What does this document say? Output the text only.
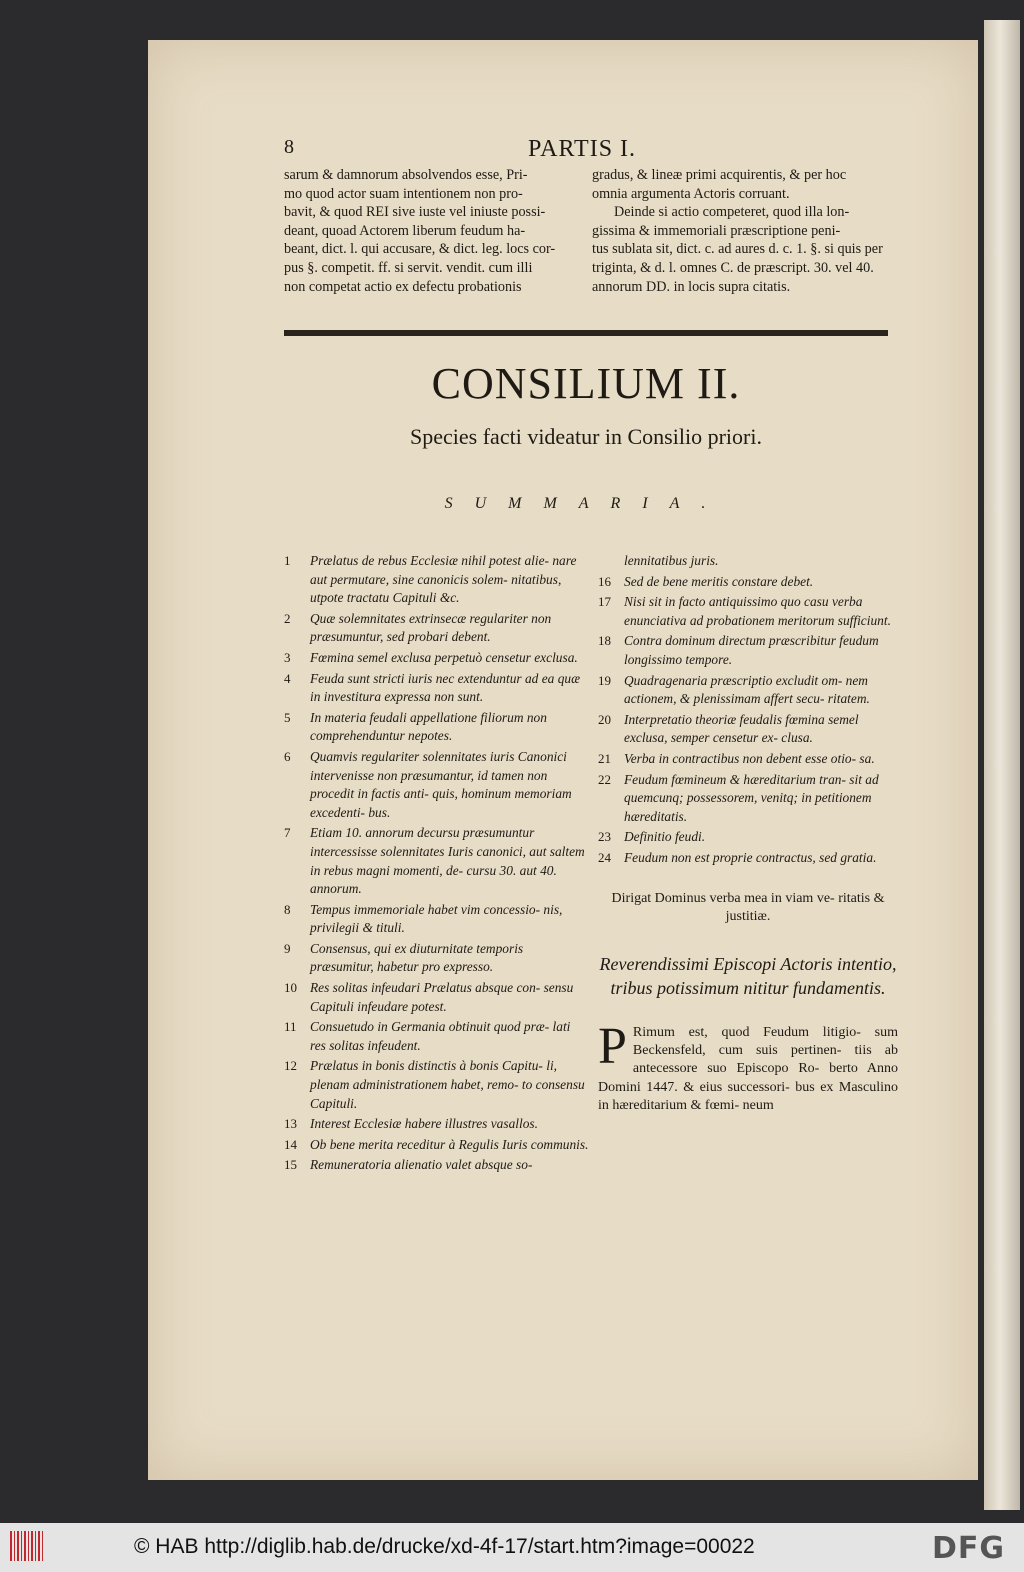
8	PARTIS I.

sarum & damnorum absolvendos esse, Pri-

mo quod actor suam intentionem non pro-

bavit, & quod REI sive iuste vel iniuste possi-

deant, quoad Actorem liberum feudum ha-

beant, dict. l. qui accusare, & dict. leg. locs cor-

pus §. competit. ff. si servit. vendit. cum illi

non competat actio ex defectu probationis

gradus, & lineæ primi acquirentis, & per hoc

omnia argumenta Actoris corruant.

Deinde si actio competeret, quod illa lon-

gissima & immemoriali præscriptione peni-

tus sublata sit, dict. c. ad aures d. c. 1. §. si quis per

triginta, & d. l. omnes C. de præscript. 30. vel 40.

annorum DD. in locis supra citatis.

CONSILIUM II.
Species facti videatur in Consilio priori.
SUMMARIA.
1	Prælatus de rebus Ecclesiæ nihil potest alie- nare aut permutare, sine canonicis solem- nitatibus, utpote tractatu Capituli &c.
2	Quæ solemnitates extrinsecæ regulariter non præsumuntur, sed probari debent.
3	Fœmina semel exclusa perpetuò censetur exclusa.
4	Feuda sunt stricti iuris nec extenduntur ad ea quæ in investitura expressa non sunt.
5	In materia feudali appellatione filiorum non comprehenduntur nepotes.
6	Quamvis regulariter solennitates iuris Canonici intervenisse non præsumantur, id tamen non procedit in factis anti- quis, hominum memoriam excedenti- bus.
7	Etiam 10. annorum decursu præsumuntur intercessisse solennitates Iuris canonici, aut saltem in rebus magni momenti, de- cursu 30. aut 40. annorum.
8	Tempus immemoriale habet vim concessio- nis, privilegii & tituli.
9	Consensus, qui ex diuturnitate temporis præsumitur, habetur pro expresso.
10 Res solitas infeudari Prælatus absque con- sensu Capituli infeudare potest.
11	Consuetudo in Germania obtinuit quod præ- lati res solitas infeudent.
12 Prælatus in bonis distinctis à bonis Capitu- li, plenam administrationem habet, remo- to consensu Capituli.
13 Interest Ecclesiæ habere illustres vasallos.
14 Ob bene merita receditur à Regulis Iuris communis.
15 Remuneratoria alienatio valet absque so-
lennitatibus juris.
16 Sed de bene meritis constare debet.
17 Nisi sit in facto antiquissimo quo casu verba enunciativa ad probationem meritorum sufficiunt.
18 Contra dominum directum præscribitur feudum longissimo tempore.
19 Quadragenaria præscriptio excludit om- nem actionem, & plenissimam affert secu- ritatem.
20 Interpretatio theoriæ feudalis fœmina semel exclusa, semper censetur ex- clusa.
21 Verba in contractibus non debent esse otio- sa.
22 Feudum fœmineum & hæreditarium tran- sit ad quemcunq; possessorem, venitq; in petitionem hæreditatis.
23 Definitio feudi.
24 Feudum non est proprie contractus, sed gratia.
Dirigat Dominus verba mea in viam ve- ritatis & justitiæ.
Reverendissimi Episcopi Actoris intentio, tribus potissimum nititur fundamentis.
P Rimum est, quod Feudum litigio- sum Beckensfeld, cum suis pertinen- tiis ab antecessore suo Episcopo Ro- berto Anno Domini 1447. & eius successori- bus ex Masculino in hæreditarium & fœmi- neum
© HAB http://diglib.hab.de/drucke/xd-4f-17/start.htm?image=00022	DFG
